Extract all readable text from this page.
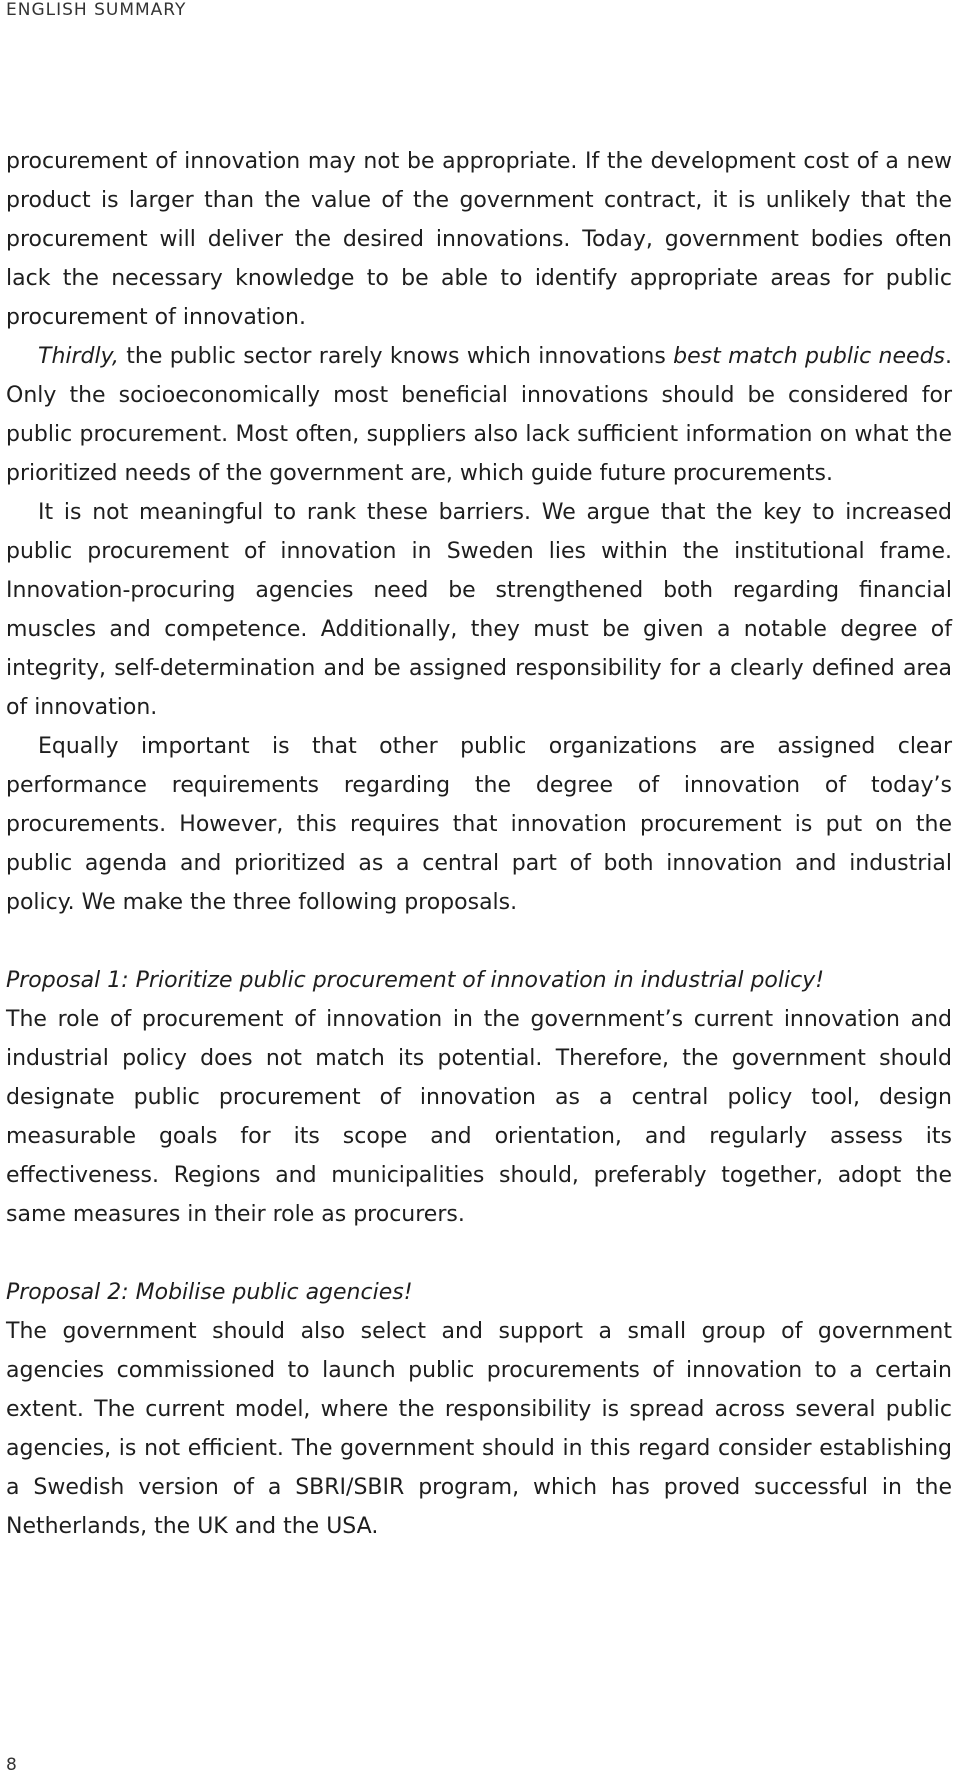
ENGLISH SUMMARY

procurement of innovation may not be appropriate. If the development cost of a new product is larger than the value of the government contract, it is unlikely that the procurement will deliver the desired innovations. Today, government bodies often lack the necessary knowledge to be able to identify appropriate areas for public procurement of innovation.

Thirdly, the public sector rarely knows which innovations best match public needs. Only the socioeconomically most beneficial innovations should be considered for public procurement. Most often, suppliers also lack sufficient information on what the prioritized needs of the government are, which guide future procurements.

It is not meaningful to rank these barriers. We argue that the key to increased public procurement of innovation in Sweden lies within the institutional frame. Innovation-procuring agencies need be strengthened both regarding financial muscles and competence. Additionally, they must be given a notable degree of integrity, self-determination and be assigned responsibility for a clearly defined area of innovation.

Equally important is that other public organizations are assigned clear performance requirements regarding the degree of innovation of today’s procurements. However, this requires that innovation procurement is put on the public agenda and prioritized as a central part of both innovation and industrial policy. We make the three following proposals.

Proposal 1: Prioritize public procurement of innovation in industrial policy!

The role of procurement of innovation in the government’s current innovation and industrial policy does not match its potential. Therefore, the government should designate public procurement of innovation as a central policy tool, design measurable goals for its scope and orientation, and regularly assess its effectiveness. Regions and municipalities should, preferably together, adopt the same measures in their role as procurers.

Proposal 2: Mobilise public agencies!

The government should also select and support a small group of government agencies commissioned to launch public procurements of innovation to a certain extent. The current model, where the responsibility is spread across several public agencies, is not efficient. The government should in this regard consider establishing a Swedish version of a SBRI/SBIR program, which has proved successful in the Netherlands, the UK and the USA.

8
